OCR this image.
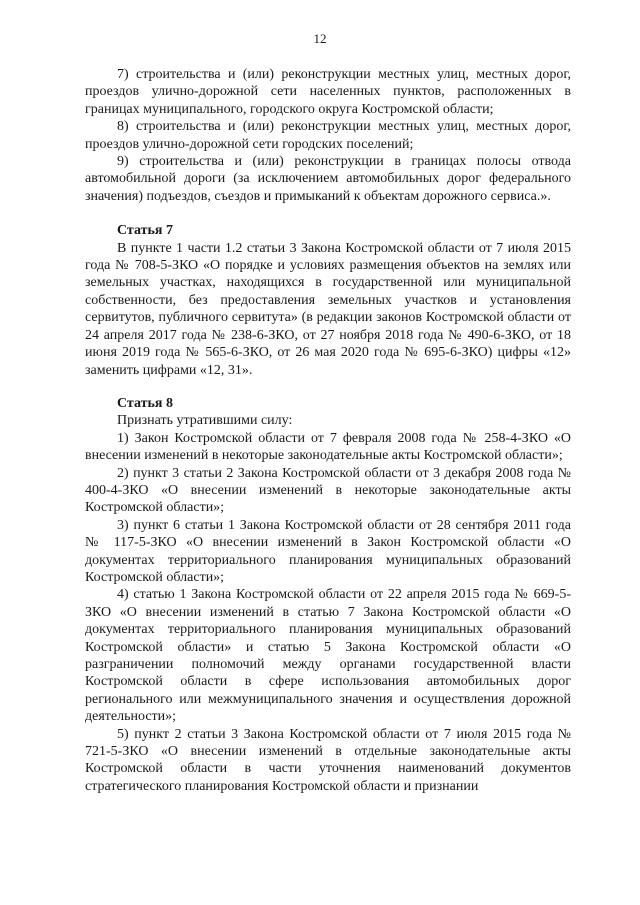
12

7) строительства и (или) реконструкции местных улиц, местных дорог, проездов улично-дорожной сети населенных пунктов, расположенных в границах муниципального, городского округа Костромской области;

8) строительства и (или) реконструкции местных улиц, местных дорог, проездов улично-дорожной сети городских поселений;

9) строительства и (или) реконструкции в границах полосы отвода автомобильной дороги (за исключением автомобильных дорог федерального значения) подъездов, съездов и примыканий к объектам дорожного сервиса.».

Статья 7

В пункте 1 части 1.2 статьи 3 Закона Костромской области от 7 июля 2015 года № 708-5-ЗКО «О порядке и условиях размещения объектов на землях или земельных участках, находящихся в государственной или муниципальной собственности, без предоставления земельных участков и установления сервитутов, публичного сервитута» (в редакции законов Костромской области от 24 апреля 2017 года № 238-6-ЗКО, от 27 ноября 2018 года № 490-6-ЗКО, от 18 июня 2019 года № 565-6-ЗКО, от 26 мая 2020 года № 695-6-ЗКО) цифры «12» заменить цифрами «12, 31».

Статья 8

Признать утратившими силу:

1) Закон Костромской области от 7 февраля 2008 года № 258-4-ЗКО «О внесении изменений в некоторые законодательные акты Костромской области»;

2) пункт 3 статьи 2 Закона Костромской области от 3 декабря 2008 года № 400-4-ЗКО «О внесении изменений в некоторые законодательные акты Костромской области»;

3) пункт 6 статьи 1 Закона Костромской области от 28 сентября 2011 года № 117-5-ЗКО «О внесении изменений в Закон Костромской области «О документах территориального планирования муниципальных образований Костромской области»;

4) статью 1 Закона Костромской области от 22 апреля 2015 года № 669-5-ЗКО «О внесении изменений в статью 7 Закона Костромской области «О документах территориального планирования муниципальных образований Костромской области» и статью 5 Закона Костромской области «О разграничении полномочий между органами государственной власти Костромской области в сфере использования автомобильных дорог регионального или межмуниципального значения и осуществления дорожной деятельности»;

5) пункт 2 статьи 3 Закона Костромской области от 7 июля 2015 года № 721-5-ЗКО «О внесении изменений в отдельные законодательные акты Костромской области в части уточнения наименований документов стратегического планирования Костромской области и признании
